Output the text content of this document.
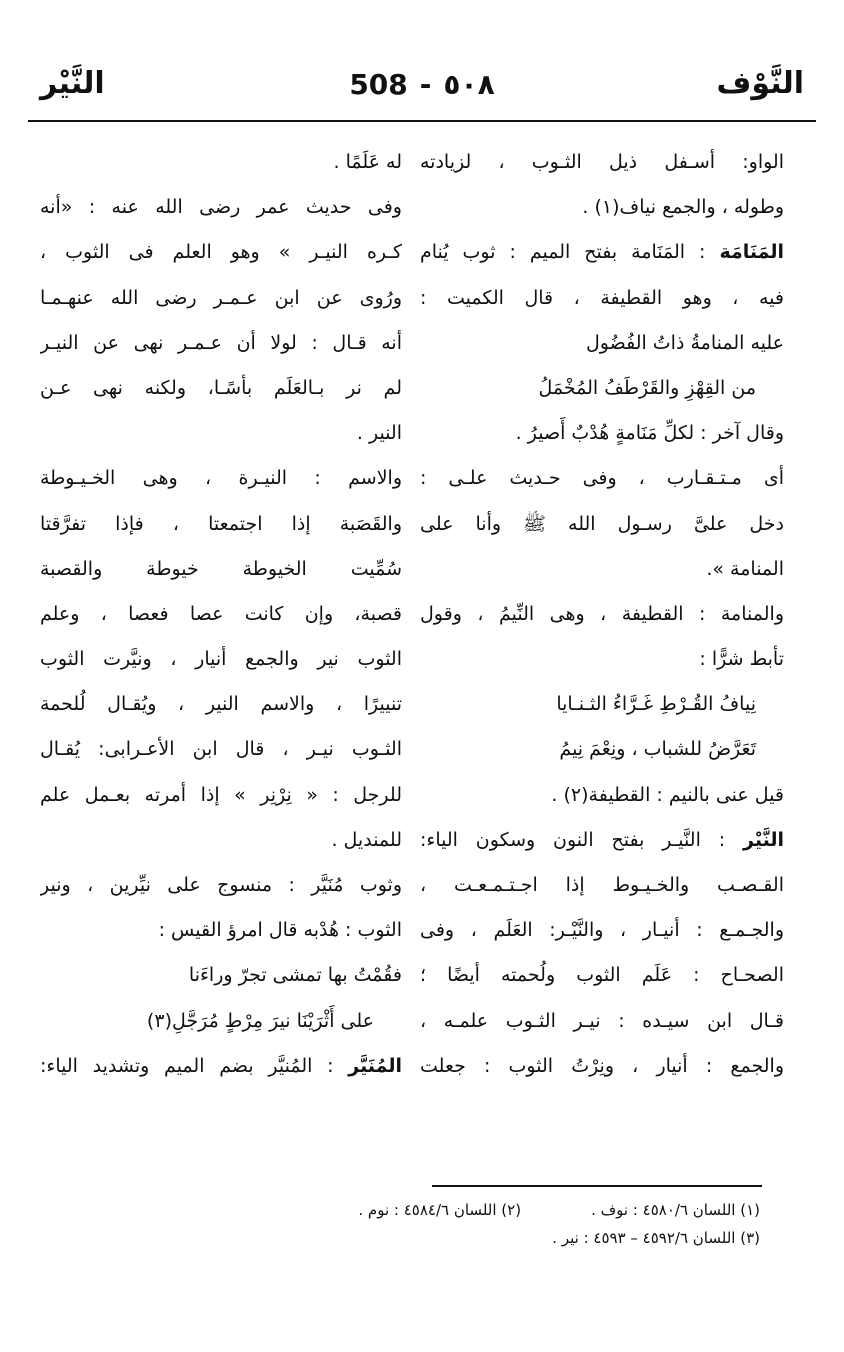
النَّوْف
508 - ٥٠٨
النَّيْر
الواو: أسـفل ذيل الثـوب ، لزيادته
وطوله ، والجمع نياف(١) .
المَنَامَة : المَنَامة بفتح الميم : ثوب يُنام
فيه ، وهو القطيفة ، قال الكميت :
عليه المنامةُ ذاتُ الفُضُول
من القِهْزِ والقَرْطَفُ المُخْمَلُ
وقال آخر : لكلِّ مَنَامةٍ هُدْبٌ أَصيرُ .
أى مـتـقـارب ، وفى حـديث علـى :
دخل علىَّ رسـول الله ﷺ وأنا على
المنامة ».
والمنامة : القطيفة ، وهى النِّيمُ ، وقول
تأبط شرًّا :
نِيافُ القُـرْطِ غَـرَّاءُ الثـنـايا
تَعَرَّضُ للشباب ، ونِعْمَ نِيمُ
قيل عنى بالنيم : القطيفة(٢) .
النَّيْر : النَّيـر بفتح النون وسكون الياء:
القـصـب والخـيـوط إذا اجـتـمـعـت ،
والجـمـع : أنيـار ، والنَّيْـر: العَلَم ، وفى
الصحـاح : عَلَم الثوب ولُحمته أيضًا ؛
قـال ابن سيـده : نيـر الثـوب علمـه ،
والجمع : أنيار ، ونِرْتُ الثوب : جعلت
له عَلَمًا .
وفى حديث عمر رضى الله عنه : «أنه
كـره النيـر » وهو العلم فى الثوب ،
ورُوى عن ابن عـمـر رضى الله عنهـمـا
أنه قـال : لولا أن عـمـر نهى عن النيـر
لم نر بـالعَلَم بأسًـا، ولكنه نهى عـن
النير .
والاسم : النيـرة ، وهى الخـيـوطة
والقَصَبة إذا اجتمعتا ، فإذا تفرَّقتا
سُمِّيت الخيوطة خيوطة والقصبة
قصبة، وإن كانت عصا فعصا ، وعلم
الثوب نير والجمع أنيار ، ونيَّرت الثوب
تنييرًا ، والاسم النير ، ويُقـال لُلحمة
الثـوب نيـر ، قال ابن الأعـرابى: يُقـال
للرجل : « نِرْنِر » إذا أمرته بعـمل علم
للمنديل .
وثوب مُنَيَّر : منسوج على نيِّرين ، ونير
الثوب : هُدْبه قال امرؤ القيس :
فقُمْتُ بها تمشى تجرّ وراءَنا
على أَثْرَيْنَا نيرَ مِرْطٍ مُرَجَّلِ(٣)
المُنَيَّر : المُنيَّر بضم الميم وتشديد الياء:
(١) اللسان ٤٥٨٠/٦ : نوف .
(٢) اللسان ٤٥٨٤/٦ : نوم .
(٣) اللسان ٤٥٩٢/٦ – ٤٥٩٣ : نير .
